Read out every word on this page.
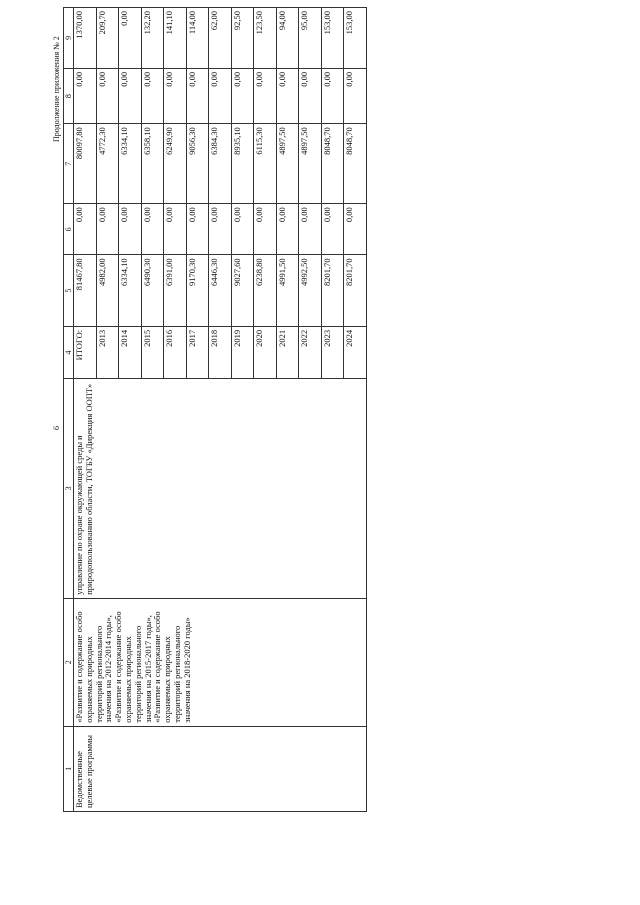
Продолжение приложения № 2
6
1	2	3	4	5	6	7	8	9
Ведомственные целевые программы	«Развитие и содержание особо охраняемых природных территорий регионального значения на 2012-2014 годы», «Развитие и содержание особо охраняемых природных территорий регионального значения на 2015-2017 годы», «Развитие и содержание особо охраняемых природных территорий регионального значения на 2018-2020 годы»	управление по охране окружающей среды и природопользованию области, ТОГБУ «Дирекция ООПТ»	ИТОГО:	81467,80	0,00	80097,80	0,00	1370,00
			2013	4982,00	0,00	4772,30	0,00	209,70
			2014	6334,10	0,00	6334,10	0,00	0,00
			2015	6490,30	0,00	6358,10	0,00	132,20
			2016	6391,00	0,00	6249,90	0,00	141,10
			2017	9170,30	0,00	9056,30	0,00	114,00
			2018	6446,30	0,00	6384,30	0,00	62,00
			2019	9027,60	0,00	8935,10	0,00	92,50
			2020	6238,80	0,00	6115,30	0,00	123,50
			2021	4991,50	0,00	4897,50	0,00	94,00
			2022	4992,50	0,00	4897,50	0,00	95,00
			2023	8201,70	0,00	8048,70	0,00	153,00
			2024	8201,70	0,00	8048,70	0,00	153,00
